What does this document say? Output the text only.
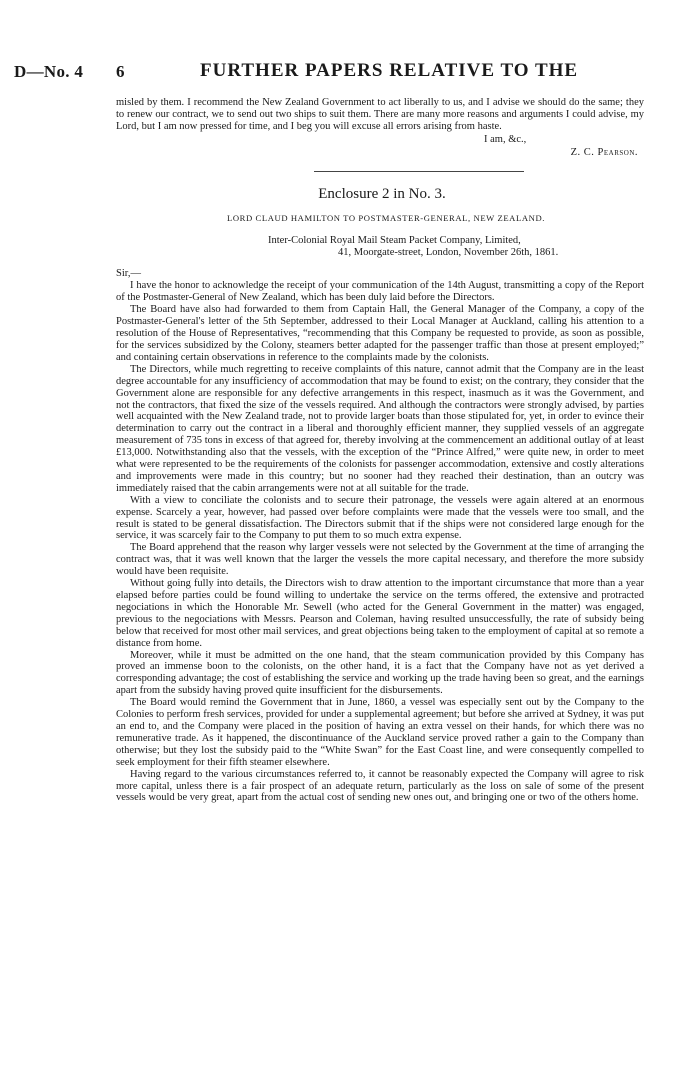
D—No. 4 6	FURTHER PAPERS RELATIVE TO THE

misled by them. I recommend the New Zealand Government to act liberally to us, and I advise we should do the same; they to renew our contract, we to send out two ships to suit them. There are many more reasons and arguments I could advise, my Lord, but I am now pressed for time, and I beg you will excuse all errors arising from haste.

I am, &c.,
Z. C. Pearson.
Enclosure 2 in No. 3.
LORD CLAUD HAMILTON TO POSTMASTER-GENERAL, NEW ZEALAND.
Inter-Colonial Royal Mail Steam Packet Company, Limited,
41, Moorgate-street, London, November 26th, 1861.
Sir,—

I have the honor to acknowledge the receipt of your communication of the 14th August, transmitting a copy of the Report of the Postmaster-General of New Zealand, which has been duly laid before the Directors.

The Board have also had forwarded to them from Captain Hall, the General Manager of the Company, a copy of the Postmaster-General's letter of the 5th September, addressed to their Local Manager at Auckland, calling his attention to a resolution of the House of Representatives, “recommending that this Company be requested to provide, as soon as possible, for the services subsidized by the Colony, steamers better adapted for the passenger traffic than those at present employed;” and containing certain observations in reference to the complaints made by the colonists.

The Directors, while much regretting to receive complaints of this nature, cannot admit that the Company are in the least degree accountable for any insufficiency of accommodation that may be found to exist; on the contrary, they consider that the Government alone are responsible for any defective arrangements in this respect, inasmuch as it was the Government, and not the contractors, that fixed the size of the vessels required. And although the contractors were strongly advised, by parties well acquainted with the New Zealand trade, not to provide larger boats than those stipulated for, yet, in order to evince their determination to carry out the contract in a liberal and thoroughly efficient manner, they supplied vessels of an aggregate measurement of 735 tons in excess of that agreed for, thereby involving at the commencement an additional outlay of at least £13,000. Notwithstanding also that the vessels, with the exception of the “Prince Alfred,” were quite new, in order to meet what were represented to be the requirements of the colonists for passenger accommodation, extensive and costly alterations and improvements were made in this country; but no sooner had they reached their destination, than an outcry was immediately raised that the cabin arrangements were not at all suitable for the trade.

With a view to conciliate the colonists and to secure their patronage, the vessels were again altered at an enormous expense. Scarcely a year, however, had passed over before complaints were made that the vessels were too small, and the result is stated to be general dissatisfaction. The Directors submit that if the ships were not considered large enough for the service, it was scarcely fair to the Company to put them to so much extra expense.

The Board apprehend that the reason why larger vessels were not selected by the Government at the time of arranging the contract was, that it was well known that the larger the vessels the more capital necessary, and therefore the more subsidy would have been requisite.

Without going fully into details, the Directors wish to draw attention to the important circumstance that more than a year elapsed before parties could be found willing to undertake the service on the terms offered, the extensive and protracted negociations in which the Honorable Mr. Sewell (who acted for the General Government in the matter) was engaged, previous to the negociations with Messrs. Pearson and Coleman, having resulted unsuccessfully, the rate of subsidy being below that received for most other mail services, and great objections being taken to the employment of capital at so remote a distance from home.

Moreover, while it must be admitted on the one hand, that the steam communication provided by this Company has proved an immense boon to the colonists, on the other hand, it is a fact that the Company have not as yet derived a corresponding advantage; the cost of establishing the service and working up the trade having been so great, and the earnings apart from the subsidy having proved quite insufficient for the disbursements.

The Board would remind the Government that in June, 1860, a vessel was especially sent out by the Company to the Colonies to perform fresh services, provided for under a supplemental agreement; but before she arrived at Sydney, it was put an end to, and the Company were placed in the position of having an extra vessel on their hands, for which there was no remunerative trade. As it happened, the discontinuance of the Auckland service proved rather a gain to the Company than otherwise; but they lost the subsidy paid to the “White Swan” for the East Coast line, and were consequently compelled to seek employment for their fifth steamer elsewhere.

Having regard to the various circumstances referred to, it cannot be reasonably expected the Company will agree to risk more capital, unless there is a fair prospect of an adequate return, particularly as the loss on sale of some of the present vessels would be very great, apart from the actual cost of sending new ones out, and bringing one or two of the others home.
